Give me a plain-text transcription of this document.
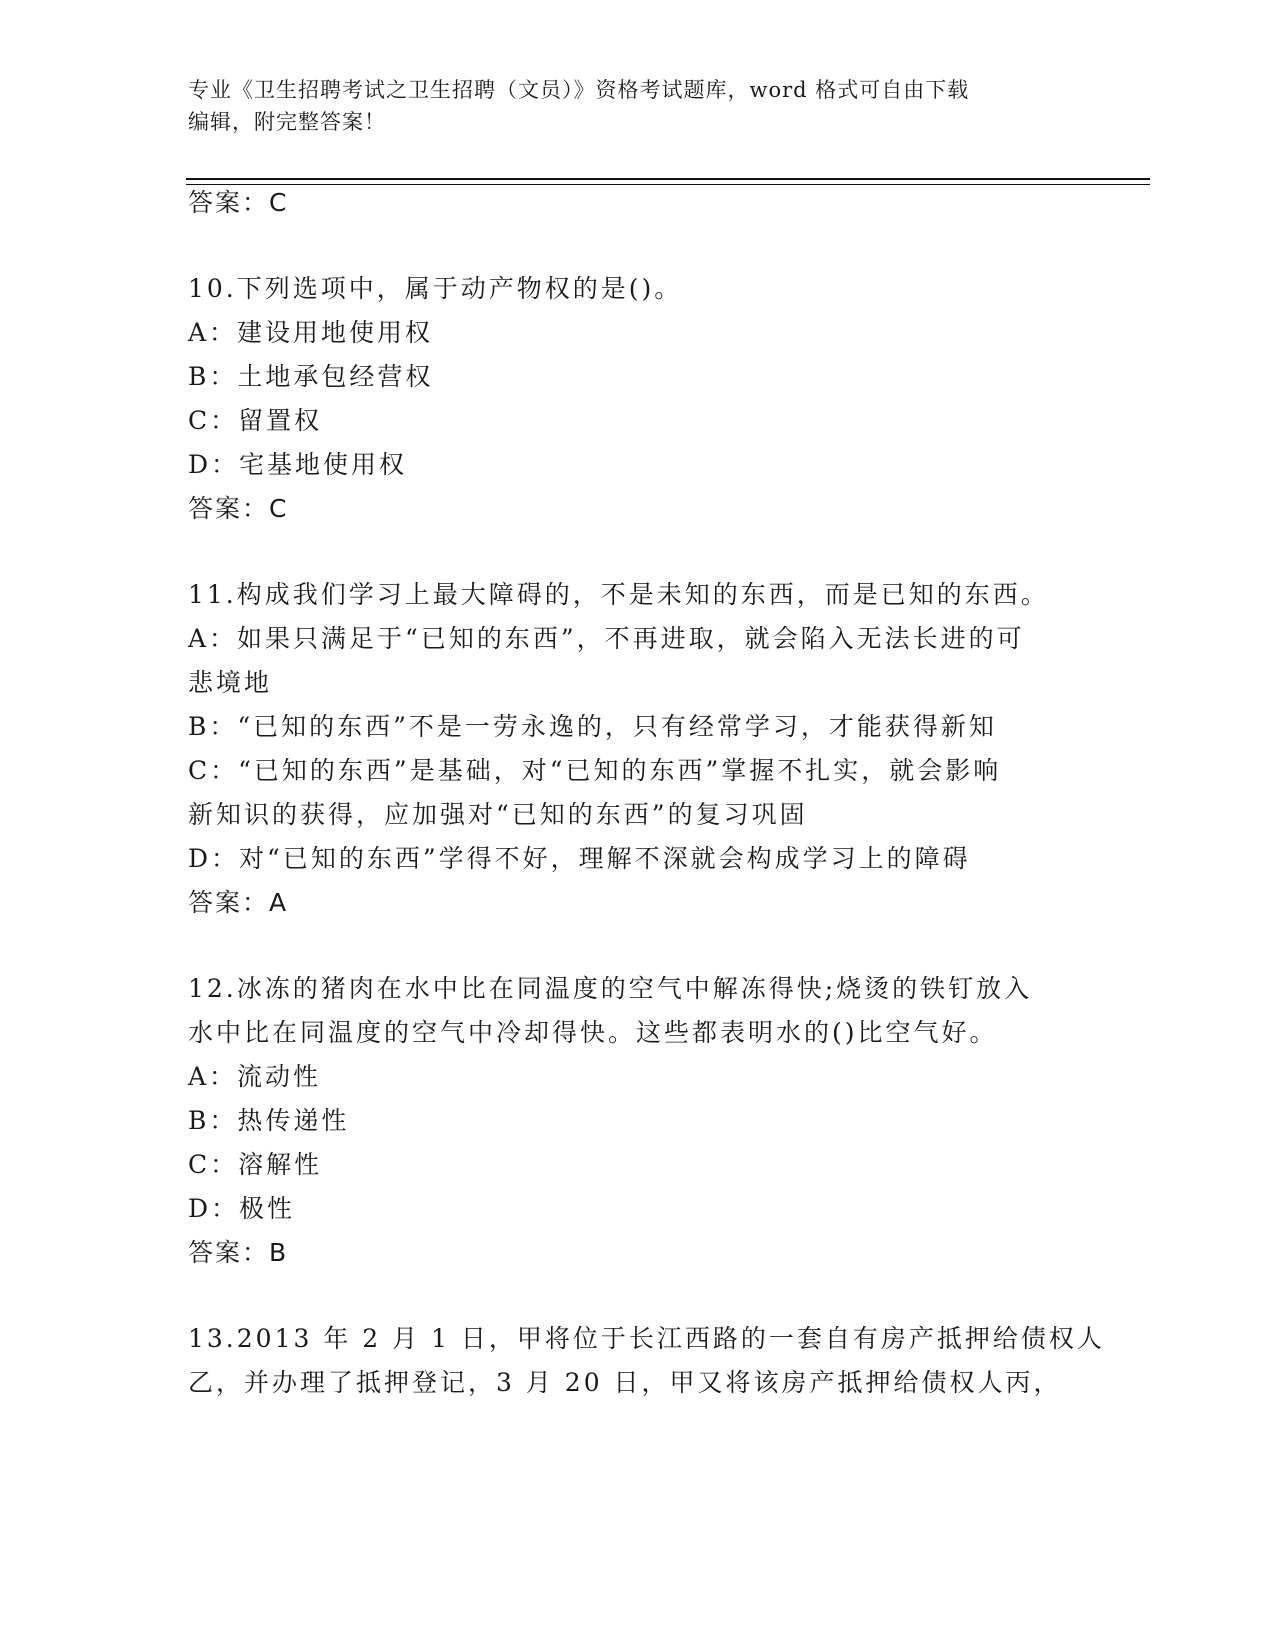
专业《卫生招聘考试之卫生招聘（文员）》资格考试题库，word 格式可自由下载
编辑，附完整答案！
答案：C
10.下列选项中，属于动产物权的是()。
A：建设用地使用权
B：土地承包经营权
C：留置权
D：宅基地使用权
答案：C
11.构成我们学习上最大障碍的，不是未知的东西，而是已知的东西。
A：如果只满足于“已知的东西”，不再进取，就会陷入无法长进的可
悲境地
B：“已知的东西”不是一劳永逸的，只有经常学习，才能获得新知
C：“已知的东西”是基础，对“已知的东西”掌握不扎实，就会影响
新知识的获得，应加强对“已知的东西”的复习巩固
D：对“已知的东西”学得不好，理解不深就会构成学习上的障碍
答案：A
12.冰冻的猪肉在水中比在同温度的空气中解冻得快;烧烫的铁钉放入
水中比在同温度的空气中冷却得快。这些都表明水的()比空气好。
A：流动性
B：热传递性
C：溶解性
D：极性
答案：B
13.2013 年 2 月 1 日，甲将位于长江西路的一套自有房产抵押给债权人
乙，并办理了抵押登记，3 月 20 日，甲又将该房产抵押给债权人丙，
